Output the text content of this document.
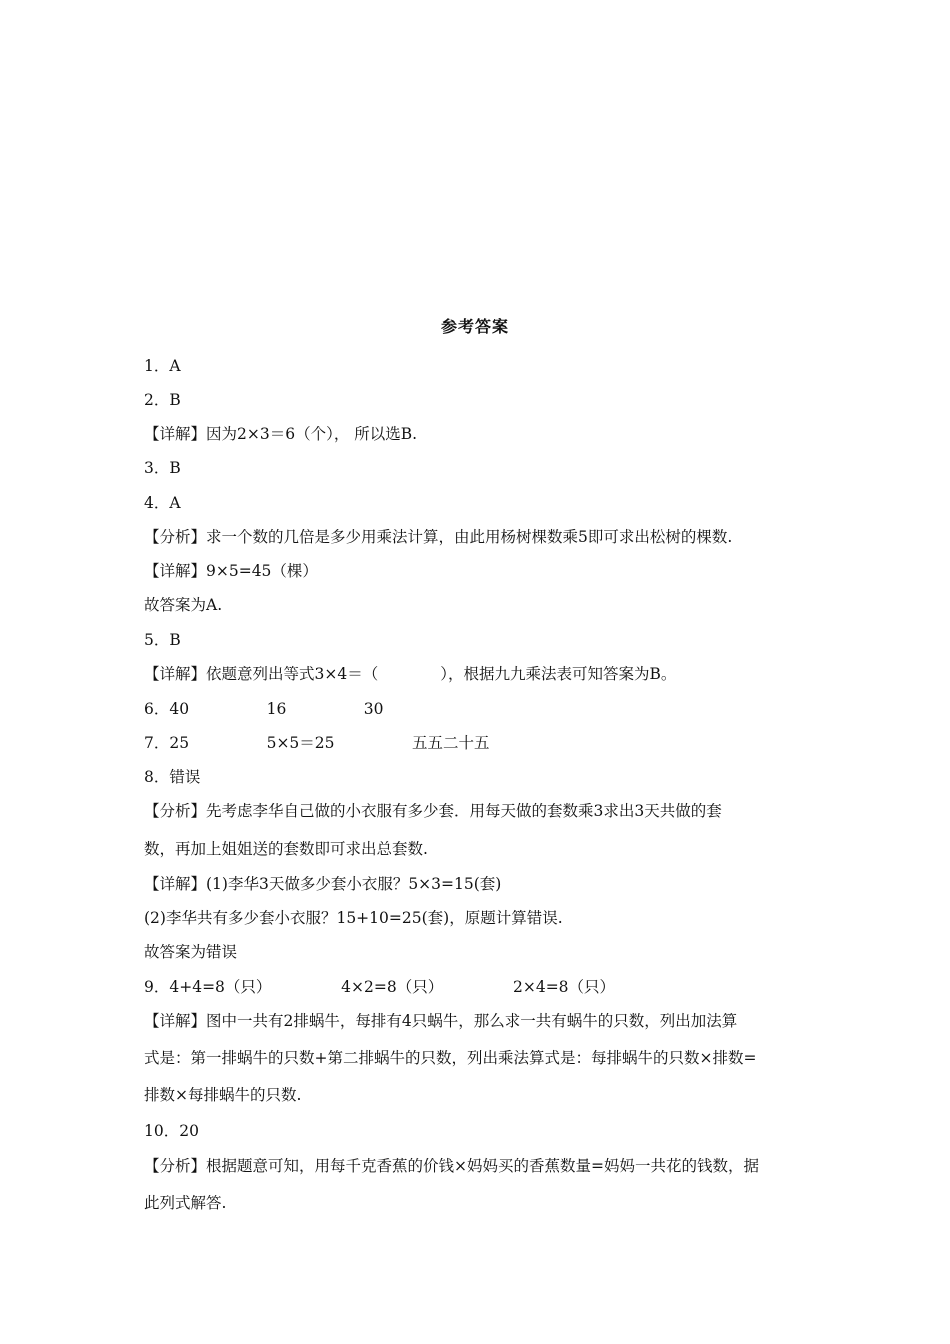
参考答案
1．A
2．B
【详解】因为2×3＝6（个）， 所以选B.
3．B
4．A
【分析】求一个数的几倍是多少用乘法计算，由此用杨树棵数乘5即可求出松树的棵数.
【详解】9×5=45（棵）
故答案为A.
5．B
【详解】依题意列出等式3×4＝（　　　　），根据九九乘法表可知答案为B。
6．40　　　　　16　　　　　30
7．25　　　　　5×5＝25　　　　　五五二十五
8．错误
【分析】先考虑李华自己做的小衣服有多少套．用每天做的套数乘3求出3天共做的套
数，再加上姐姐送的套数即可求出总套数.
【详解】(1)李华3天做多少套小衣服？5×3=15(套)
(2)李华共有多少套小衣服？15+10=25(套)，原题计算错误.
故答案为错误
9．4+4=8（只）　　　　　4×2=8（只）　　　　　2×4=8（只）
【详解】图中一共有2排蜗牛，每排有4只蜗牛，那么求一共有蜗牛的只数，列出加法算
式是：第一排蜗牛的只数+第二排蜗牛的只数，列出乘法算式是：每排蜗牛的只数×排数=
排数×每排蜗牛的只数.
10．20
【分析】根据题意可知，用每千克香蕉的价钱×妈妈买的香蕉数量=妈妈一共花的钱数，据
此列式解答.
